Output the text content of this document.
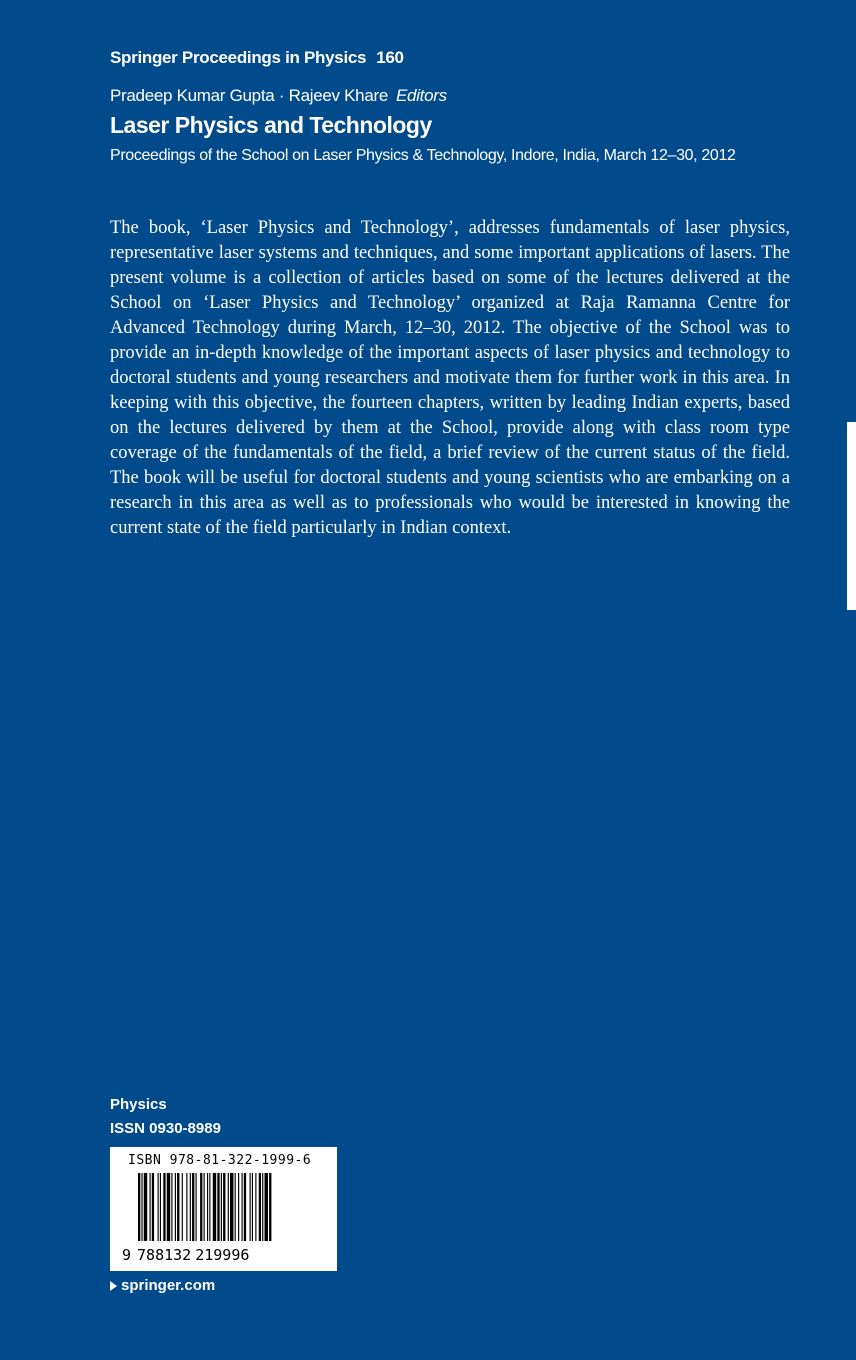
Springer Proceedings in Physics 160
Pradeep Kumar Gupta · Rajeev Khare Editors
Laser Physics and Technology
Proceedings of the School on Laser Physics & Technology, Indore, India, March 12–30, 2012

The book, ‘Laser Physics and Technology’, addresses fundamentals of laser physics, representative laser systems and techniques, and some important applications of lasers. The present volume is a collection of articles based on some of the lectures delivered at the School on ‘Laser Physics and Technology’ organized at Raja Ramanna Centre for Advanced Technology during March, 12–30, 2012. The objective of the School was to provide an in-depth knowledge of the important aspects of laser physics and technology to doctoral students and young researchers and motivate them for further work in this area. In keeping with this objective, the fourteen chapters, written by leading Indian experts, based on the lectures delivered by them at the School, provide along with class room type coverage of the fundamentals of the field, a brief review of the current status of the field. The book will be useful for doctoral students and young scientists who are embarking on a research in this area as well as to professionals who would be interested in knowing the current state of the field particularly in Indian context.

Physics
ISSN 0930-8989
ISBN 978-81-322-1999-6
9 788132 219996
springer.com
